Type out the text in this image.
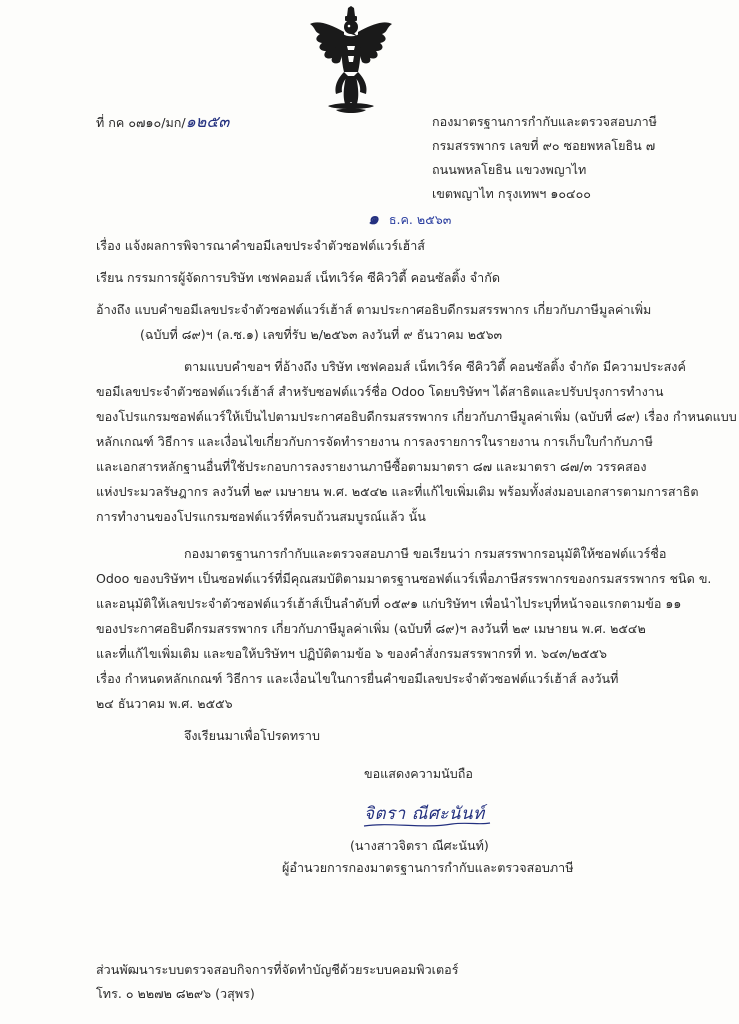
ที่ กค ๐๗๑๐/มก/๑๒๕๓	กองมาตรฐานการกำกับและตรวจสอบภาษี
กรมสรรพากร เลขที่ ๙๐ ซอยพหลโยธิน ๗
ถนนพหลโยธิน แขวงพญาไท
เขตพญาไท กรุงเทพฯ ๑๐๔๐๐
๑ ธ.ค. ๒๕๖๓
เรื่อง แจ้งผลการพิจารณาคำขอมีเลขประจำตัวซอฟต์แวร์เฮ้าส์
เรียน กรรมการผู้จัดการบริษัท เซฟคอมส์ เน็ทเวิร์ค ซีคิววิตี้ คอนซัลติ้ง จำกัด
อ้างถึง แบบคำขอมีเลขประจำตัวซอฟต์แวร์เฮ้าส์ ตามประกาศอธิบดีกรมสรรพากร เกี่ยวกับภาษีมูลค่าเพิ่ม
(ฉบับที่ ๘๙)ฯ (ล.ซ.๑) เลขที่รับ ๒/๒๕๖๓ ลงวันที่ ๙ ธันวาคม ๒๕๖๓
ตามแบบคำขอฯ ที่อ้างถึง บริษัท เซฟคอมส์ เน็ทเวิร์ค ซีคิววิตี้ คอนซัลติ้ง จำกัด มีความประสงค์
ขอมีเลขประจำตัวซอฟต์แวร์เฮ้าส์ สำหรับซอฟต์แวร์ชื่อ Odoo โดยบริษัทฯ ได้สาธิตและปรับปรุงการทำงาน
ของโปรแกรมซอฟต์แวร์ให้เป็นไปตามประกาศอธิบดีกรมสรรพากร เกี่ยวกับภาษีมูลค่าเพิ่ม (ฉบับที่ ๘๙) เรื่อง กำหนดแบบ
หลักเกณฑ์ วิธีการ และเงื่อนไขเกี่ยวกับการจัดทำรายงาน การลงรายการในรายงาน การเก็บใบกำกับภาษี
และเอกสารหลักฐานอื่นที่ใช้ประกอบการลงรายงานภาษีซื้อตามมาตรา ๘๗ และมาตรา ๘๗/๓ วรรคสอง
แห่งประมวลรัษฎากร ลงวันที่ ๒๙ เมษายน พ.ศ. ๒๕๔๒ และที่แก้ไขเพิ่มเติม พร้อมทั้งส่งมอบเอกสารตามการสาธิต
การทำงานของโปรแกรมซอฟต์แวร์ที่ครบถ้วนสมบูรณ์แล้ว นั้น
กองมาตรฐานการกำกับและตรวจสอบภาษี ขอเรียนว่า กรมสรรพากรอนุมัติให้ซอฟต์แวร์ชื่อ
Odoo ของบริษัทฯ เป็นซอฟต์แวร์ที่มีคุณสมบัติตามมาตรฐานซอฟต์แวร์เพื่อภาษีสรรพากรของกรมสรรพากร ชนิด ข.
และอนุมัติให้เลขประจำตัวซอฟต์แวร์เฮ้าส์เป็นลำดับที่ ๐๕๙๑ แก่บริษัทฯ เพื่อนำไประบุที่หน้าจอแรกตามข้อ ๑๑
ของประกาศอธิบดีกรมสรรพากร เกี่ยวกับภาษีมูลค่าเพิ่ม (ฉบับที่ ๘๙)ฯ ลงวันที่ ๒๙ เมษายน พ.ศ. ๒๕๔๒
และที่แก้ไขเพิ่มเติม และขอให้บริษัทฯ ปฏิบัติตามข้อ ๖ ของคำสั่งกรมสรรพากรที่ ท. ๖๔๓/๒๕๕๖
เรื่อง กำหนดหลักเกณฑ์ วิธีการ และเงื่อนไขในการยื่นคำขอมีเลขประจำตัวซอฟต์แวร์เฮ้าส์ ลงวันที่
๒๔ ธันวาคม พ.ศ. ๒๕๕๖
จึงเรียนมาเพื่อโปรดทราบ
ขอแสดงความนับถือ
จิตรา ณีศะนันท์
(นางสาวจิตรา ณีศะนันท์)
ผู้อำนวยการกองมาตรฐานการกำกับและตรวจสอบภาษี
ส่วนพัฒนาระบบตรวจสอบกิจการที่จัดทำบัญชีด้วยระบบคอมพิวเตอร์
โทร. ๐ ๒๒๗๒ ๘๒๙๖ (วสุพร)
